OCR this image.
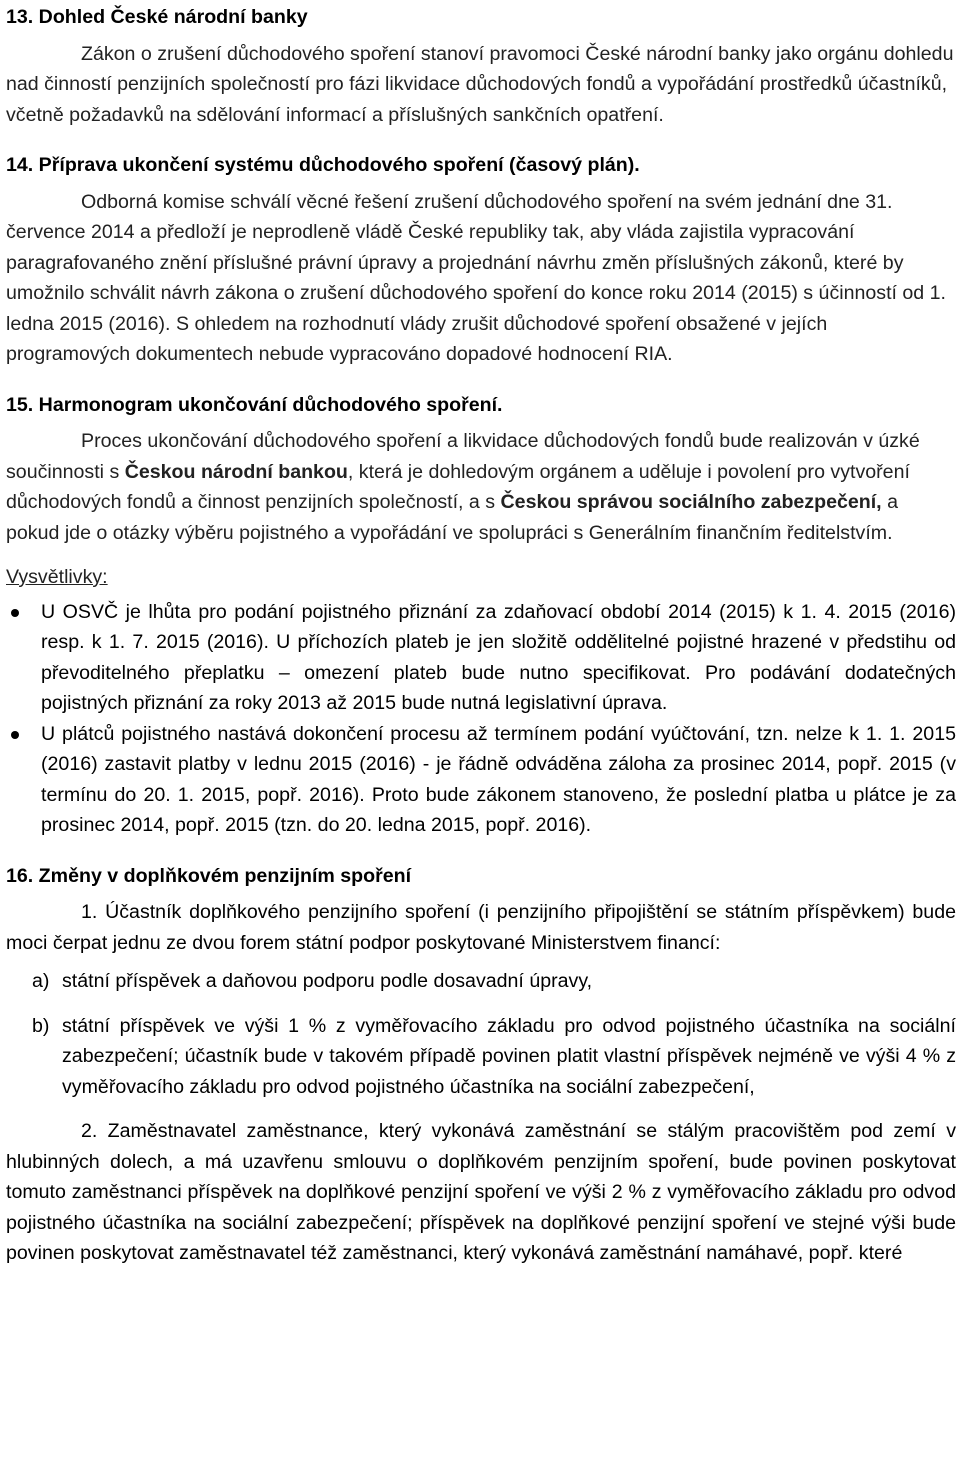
13. Dohled České národní banky

Zákon o zrušení důchodového spoření stanoví pravomoci České národní banky jako orgánu dohledu nad činností penzijních společností pro fázi likvidace důchodových fondů a vypořádání prostředků účastníků, včetně požadavků na sdělování informací a příslušných sankčních opatření.

14. Příprava ukončení systému důchodového spoření (časový plán).

Odborná komise schválí věcné řešení zrušení důchodového spoření na svém jednání dne 31. července 2014 a předloží je neprodleně vládě České republiky tak, aby vláda zajistila vypracování paragrafovaného znění příslušné právní úpravy a projednání návrhu změn příslušných zákonů, které by umožnilo schválit návrh zákona o zrušení důchodového spoření do konce roku 2014 (2015) s účinností od 1. ledna 2015 (2016). S ohledem na rozhodnutí vlády zrušit důchodové spoření obsažené v jejích programových dokumentech nebude vypracováno dopadové hodnocení RIA.

15. Harmonogram ukončování důchodového spoření.

Proces ukončování důchodového spoření a likvidace důchodových fondů bude realizován v úzké součinnosti s Českou národní bankou, která je dohledovým orgánem a uděluje i povolení pro vytvoření důchodových fondů a činnost penzijních společností, a s Českou správou sociálního zabezpečení, a pokud jde o otázky výběru pojistného a vypořádání ve spolupráci s Generálním finančním ředitelstvím.

Vysvětlivky:

U OSVČ je lhůta pro podání pojistného přiznání za zdaňovací období 2014 (2015) k 1. 4. 2015 (2016) resp. k 1. 7. 2015 (2016). U příchozích plateb je jen složitě oddělitelné pojistné hrazené v předstihu od převoditelného přeplatku – omezení plateb bude nutno specifikovat. Pro podávání dodatečných pojistných přiznání za roky 2013 až 2015 bude nutná legislativní úprava.
U plátců pojistného nastává dokončení procesu až termínem podání vyúčtování, tzn. nelze k 1. 1. 2015 (2016) zastavit platby v lednu 2015 (2016) - je řádně odváděna záloha za prosinec 2014, popř. 2015 (v termínu do 20. 1. 2015, popř. 2016). Proto bude zákonem stanoveno, že poslední platba u plátce je za prosinec 2014, popř. 2015 (tzn. do 20. ledna 2015, popř. 2016).
16. Změny v doplňkovém penzijním spoření

1. Účastník doplňkového penzijního spoření (i penzijního připojištění se státním příspěvkem) bude moci čerpat jednu ze dvou forem státní podpor poskytované Ministerstvem financí:

a) státní příspěvek a daňovou podporu podle dosavadní úpravy,
b) státní příspěvek ve výši 1 % z vyměřovacího základu pro odvod pojistného účastníka na sociální zabezpečení; účastník bude v takovém případě povinen platit vlastní příspěvek nejméně ve výši 4 % z vyměřovacího základu pro odvod pojistného účastníka na sociální zabezpečení,

2. Zaměstnavatel zaměstnance, který vykonává zaměstnání se stálým pracovištěm pod zemí v hlubinných dolech, a má uzavřenu smlouvu o doplňkovém penzijním spoření, bude povinen poskytovat tomuto zaměstnanci příspěvek na doplňkové penzijní spoření ve výši 2 % z vyměřovacího základu pro odvod pojistného účastníka na sociální zabezpečení; příspěvek na doplňkové penzijní spoření ve stejné výši bude povinen poskytovat zaměstnavatel též zaměstnanci, který vykonává zaměstnání namáhavé, popř. které
